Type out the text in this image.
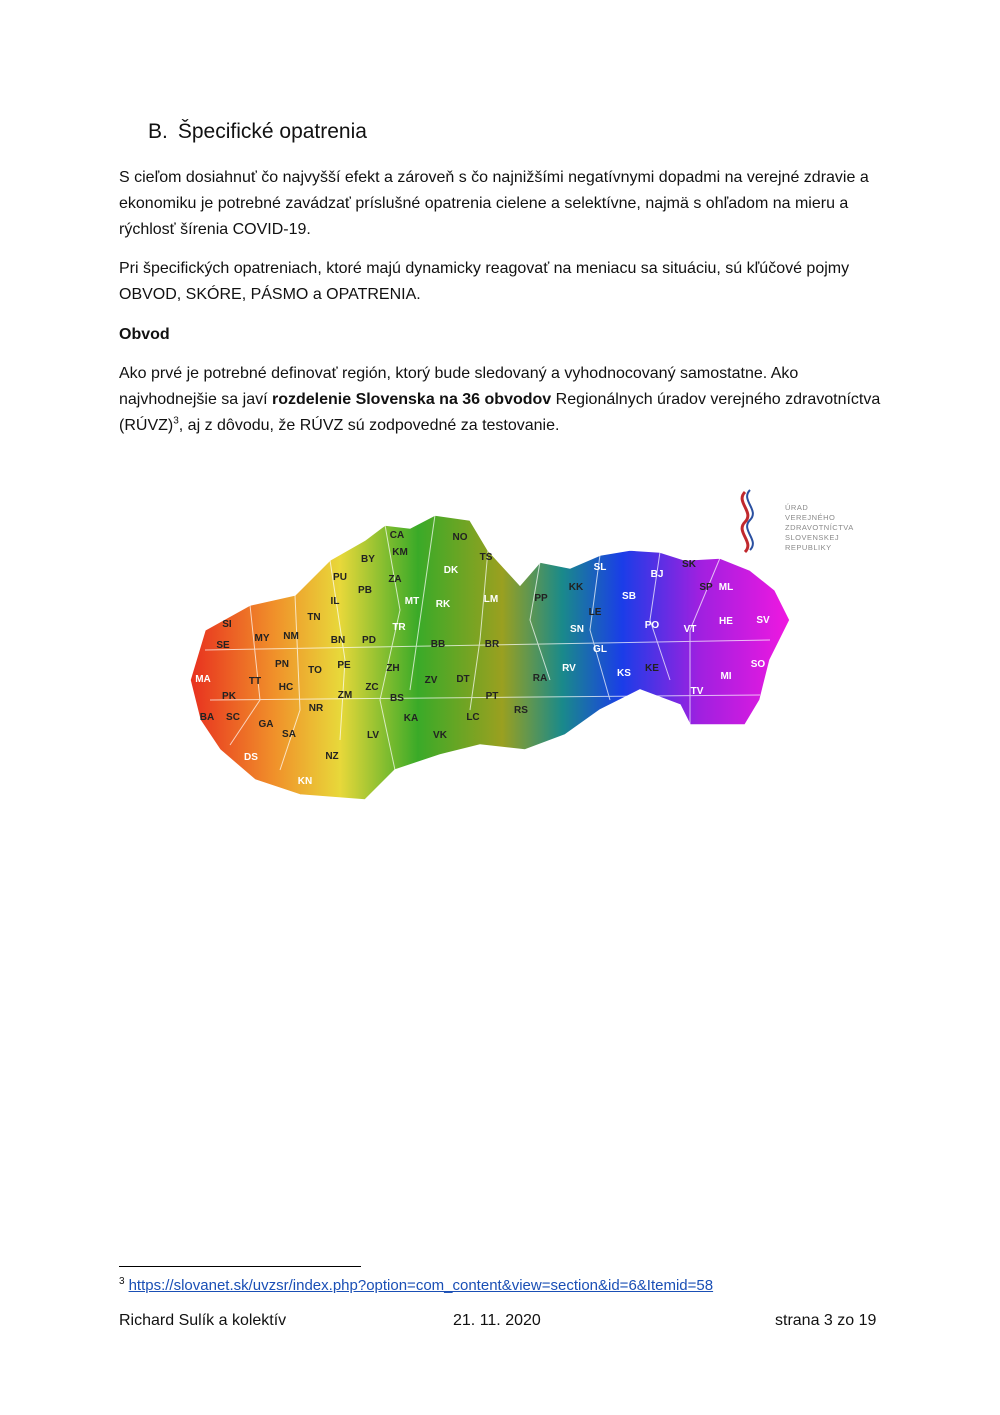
B. Špecifické opatrenia

S cieľom dosiahnuť čo najvyšší efekt a zároveň s čo najnižšími negatívnymi dopadmi na verejné zdravie a ekonomiku je potrebné zavádzať príslušné opatrenia cielene a selektívne, najmä s ohľadom na mieru a rýchlosť šírenia COVID-19.

Pri špecifických opatreniach, ktoré majú dynamicky reagovať na meniacu sa situáciu, sú kľúčové pojmy OBVOD, SKÓRE, PÁSMO a OPATRENIA.

Obvod

Ako prvé je potrebné definovať región, ktorý bude sledovaný a vyhodnocovaný samostatne. Ako najvhodnejšie sa javí rozdelenie Slovenska na 36 obvodov Regionálnych úradov verejného zdravotníctva (RÚVZ)$^3$, aj z dôvodu, že RÚVZ sú zodpovedné za testovanie.

CA
KM
NO
TS
BY
ZA
DK
PU
PB
MT RK	LM	PP
KK
SL
BJ
SK
SP ML
IL
TN
SI
MY NM	BN PD
TR
LE
SB
PO	HE SV
VT
SE
PN	PE
BB	BR
SN
GL
TT
TO	ZH	RV	KS KE
MI
SO
MA
HC
ZM
ZV DT	RA
PT	TV
PK
NR
ZC
BS
BA SC
GA
KA	LC
RS
SA	LV	VK
DS	NZ
KN
ÚRAD
VEREJNÉHO
ZDRAVOTNÍCTVA
SLOVENSKEJ
REPUBLIKY
$^3$ https://slovanet.sk/uvzsr/index.php?option=com_content&view=section&id=6&Itemid=58
Richard Sulík a kolektív	21. 11. 2020	strana 3 zo 19
